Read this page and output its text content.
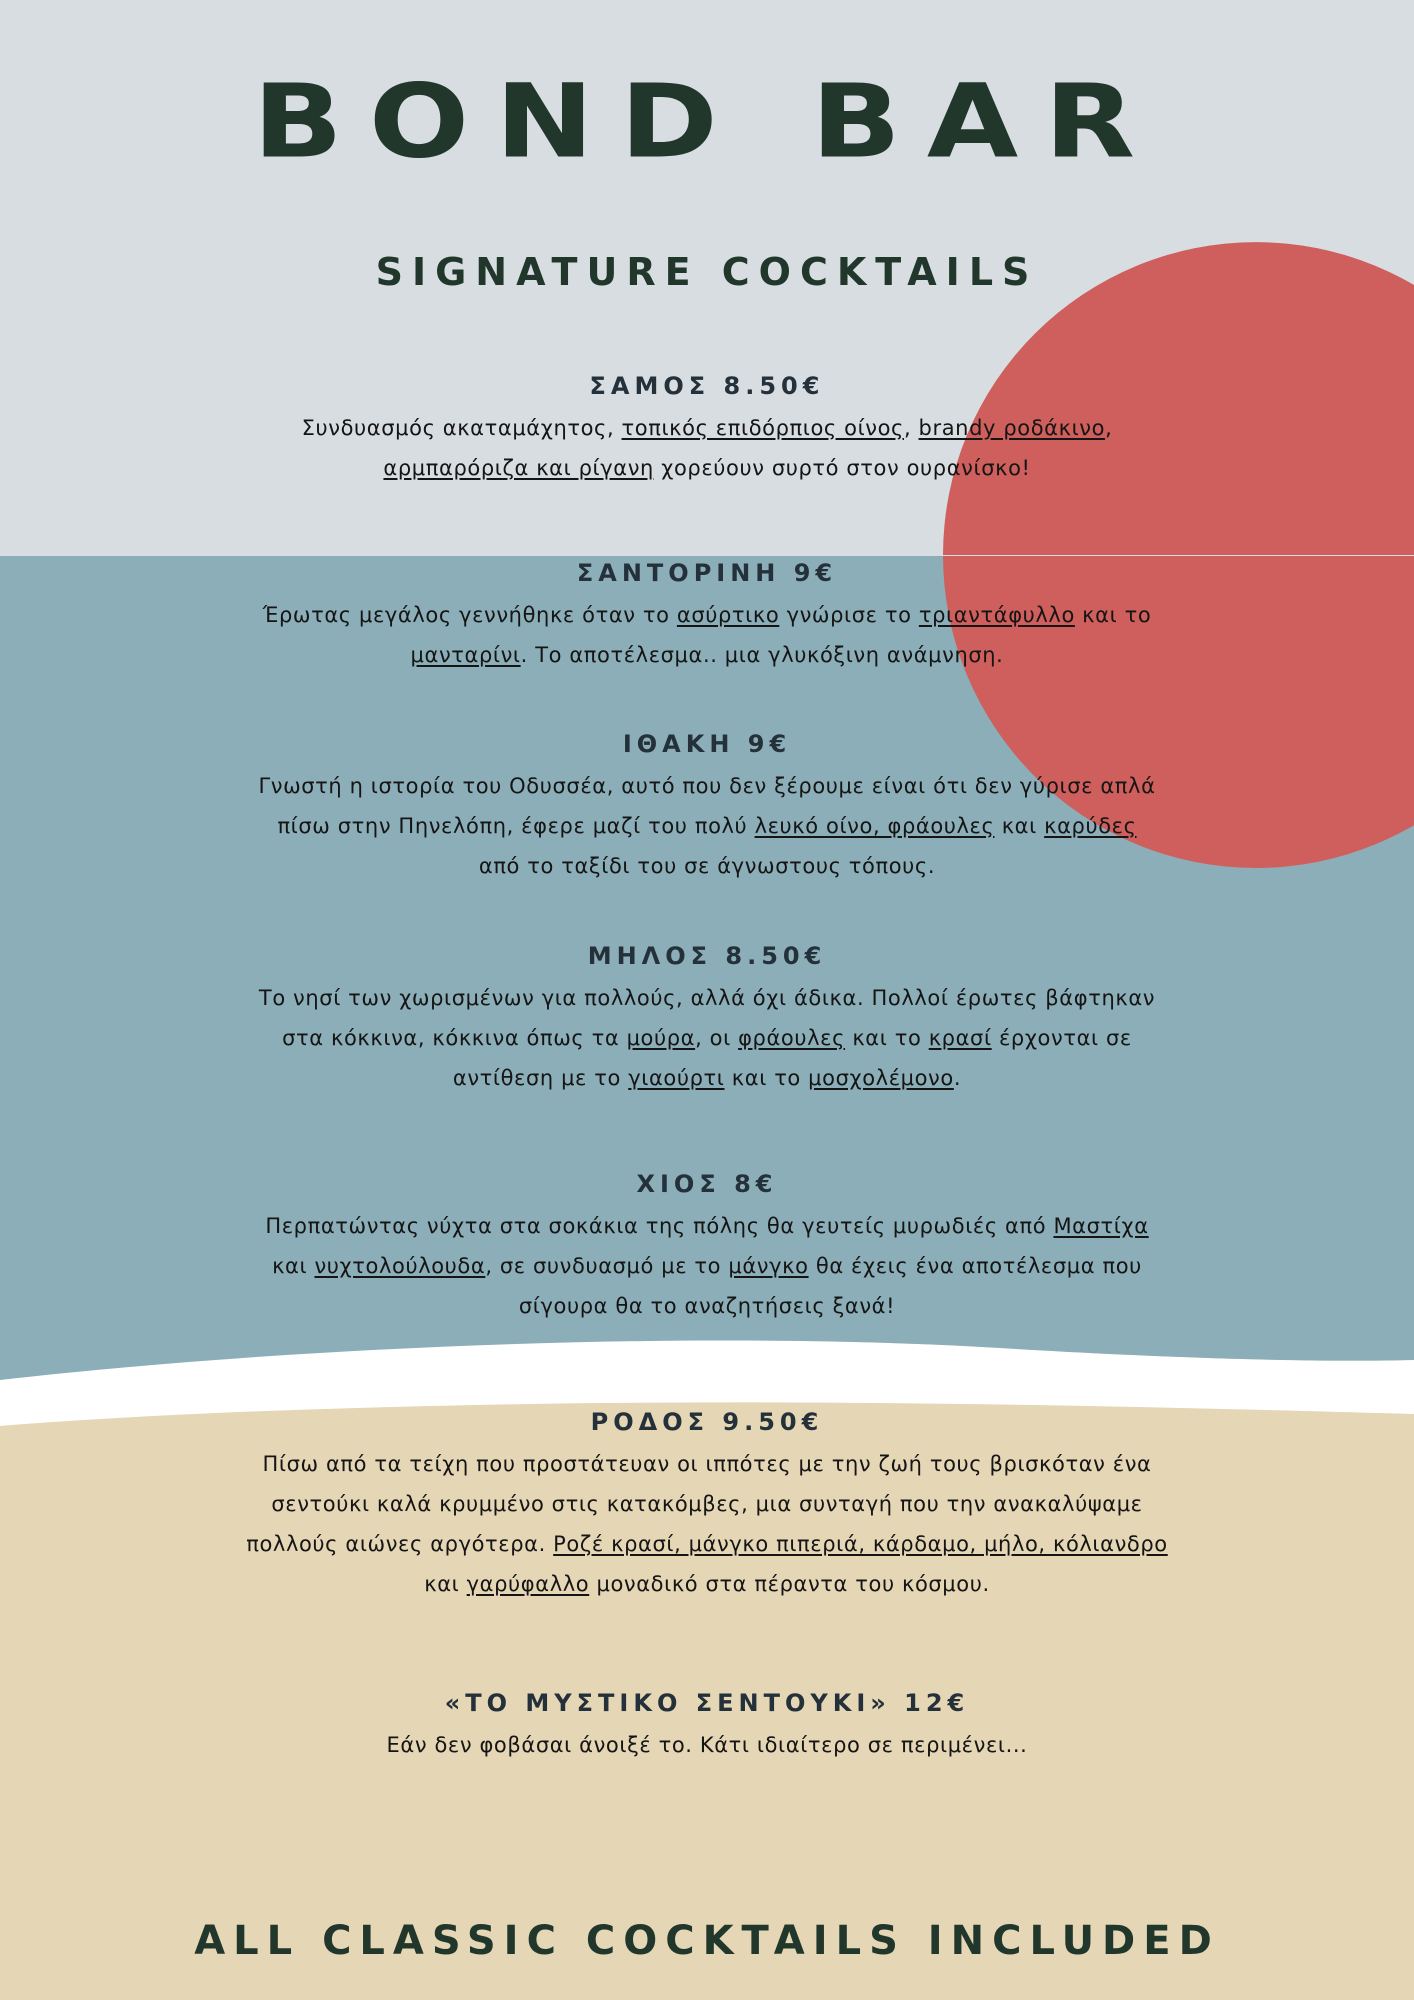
BOND BAR
SIGNATURE COCKTAILS
ΣΑΜΟΣ 8.50€
Συνδυασμός ακαταμάχητος, τοπικός επιδόρπιος οίνος, brandy ροδάκινο,
αρμπαρόριζα και ρίγανη χορεύουν συρτό στον ουρανίσκο!
ΣΑΝΤΟΡΙΝΗ 9€
Έρωτας μεγάλος γεννήθηκε όταν το ασύρτικο γνώρισε το τριαντάφυλλο και το
μανταρίνι. Το αποτέλεσμα.. μια γλυκόξινη ανάμνηση.
ΙΘΑΚΗ 9€
Γνωστή η ιστορία του Οδυσσέα, αυτό που δεν ξέρουμε είναι ότι δεν γύρισε απλά
πίσω στην Πηνελόπη, έφερε μαζί του πολύ λευκό οίνο, φράουλες και καρύδες
από το ταξίδι του σε άγνωστους τόπους.
ΜΗΛΟΣ 8.50€
Το νησί των χωρισμένων για πολλούς, αλλά όχι άδικα. Πολλοί έρωτες βάφτηκαν
στα κόκκινα, κόκκινα όπως τα μούρα, οι φράουλες και το κρασί έρχονται σε
αντίθεση με το γιαούρτι και το μοσχολέμονο.
ΧΙΟΣ 8€
Περπατώντας νύχτα στα σοκάκια της πόλης θα γευτείς μυρωδιές από Μαστίχα
και νυχτολούλουδα, σε συνδυασμό με το μάνγκο θα έχεις ένα αποτέλεσμα που
σίγουρα θα το αναζητήσεις ξανά!
ΡΟΔΟΣ 9.50€
Πίσω από τα τείχη που προστάτευαν οι ιππότες με την ζωή τους βρισκόταν ένα
σεντούκι καλά κρυμμένο στις κατακόμβες, μια συνταγή που την ανακαλύψαμε
πολλούς αιώνες αργότερα. Ροζέ κρασί, μάνγκο πιπεριά, κάρδαμο, μήλο, κόλιανδρο
και γαρύφαλλο μοναδικό στα πέραντα του κόσμου.
«ΤΟ ΜΥΣΤΙΚΟ ΣΕΝΤΟΥΚΙ» 12€
Εάν δεν φοβάσαι άνοιξέ το. Κάτι ιδιαίτερο σε περιμένει...
ALL CLASSIC COCKTAILS INCLUDED
